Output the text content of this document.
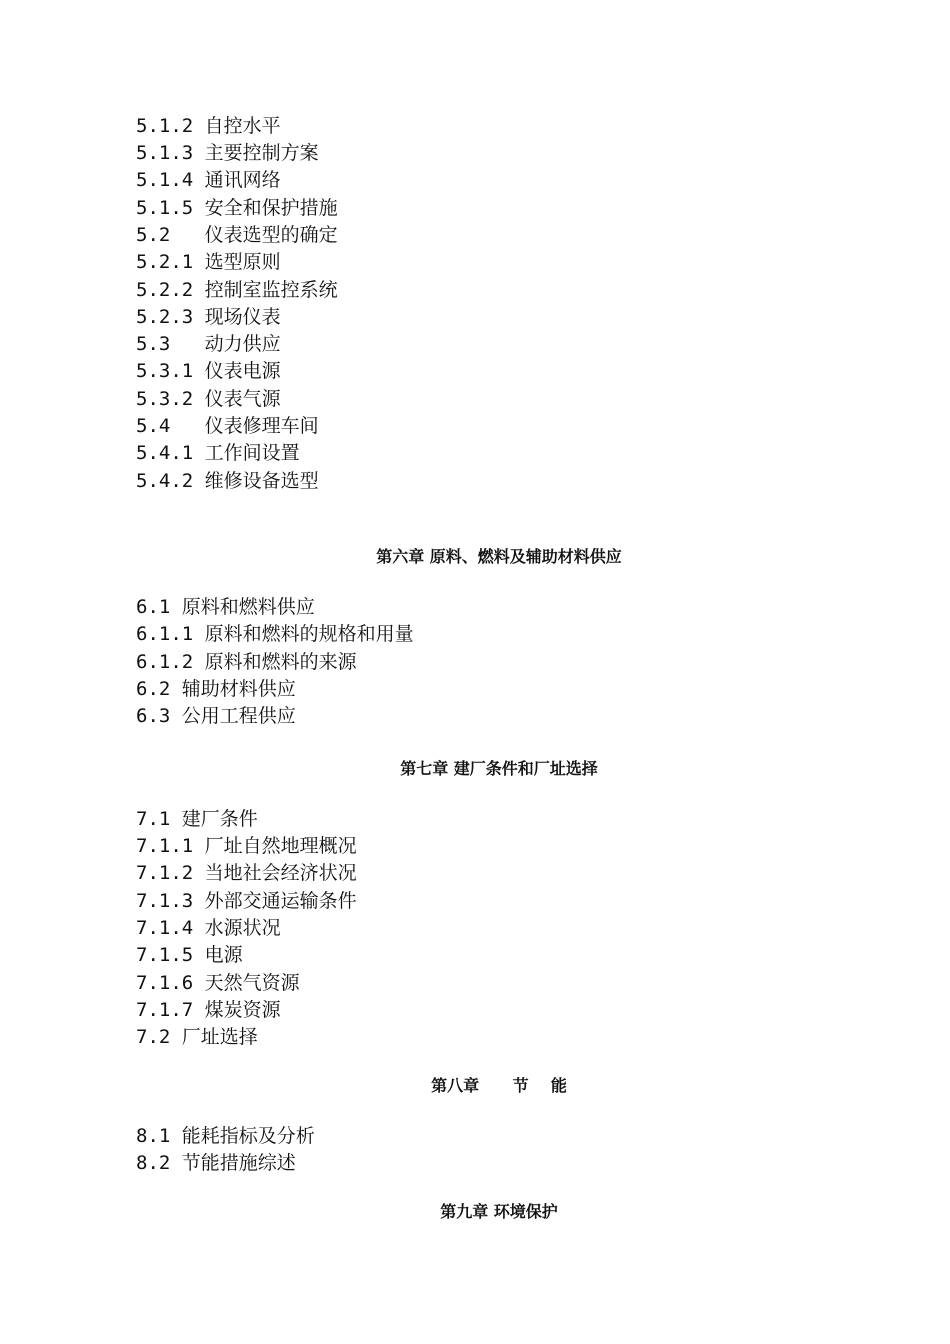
5.1.2 自控水平
5.1.3 主要控制方案
5.1.4 通讯网络
5.1.5 安全和保护措施
5.2   仪表选型的确定
5.2.1 选型原则
5.2.2 控制室监控系统
5.2.3 现场仪表
5.3   动力供应
5.3.1 仪表电源
5.3.2 仪表气源
5.4   仪表修理车间
5.4.1 工作间设置
5.4.2 维修设备选型
第六章 原料、燃料及辅助材料供应
6.1 原料和燃料供应
6.1.1 原料和燃料的规格和用量
6.1.2 原料和燃料的来源
6.2 辅助材料供应
6.3 公用工程供应
第七章 建厂条件和厂址选择
7.1 建厂条件
7.1.1 厂址自然地理概况
7.1.2 当地社会经济状况
7.1.3 外部交通运输条件
7.1.4 水源状况
7.1.5 电源
7.1.6 天然气资源
7.1.7 煤炭资源
7.2 厂址选择
第八章      节    能
8.1 能耗指标及分析
8.2 节能措施综述
第九章 环境保护
